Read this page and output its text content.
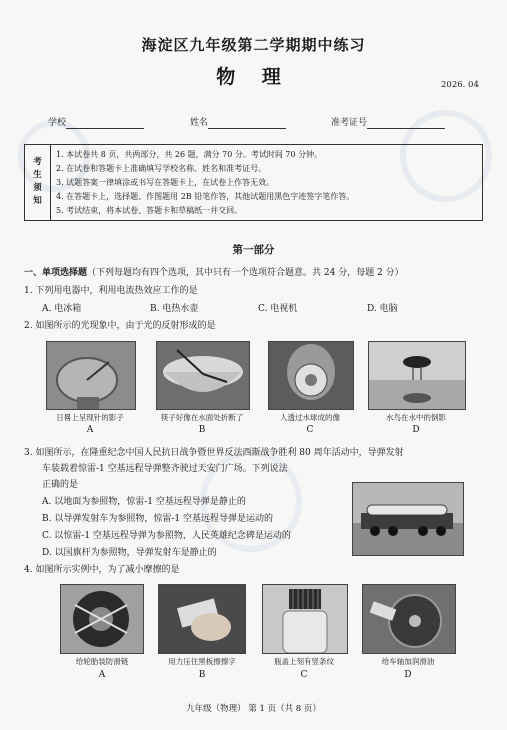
海淀区九年级第二学期期中练习
物 理	2026. 04
学校	姓名	准考证号
考
生
须
知
1. 本试卷共 8 页，共两部分，共 26 题，满分 70 分。考试时间 70 分钟。
2. 在试卷和答题卡上准确填写学校名称、姓名和准考证号。
3. 试题答案一律填涂或书写在答题卡上，在试卷上作答无效。
4. 在答题卡上，选择题、作图题用 2B 铅笔作答，其他试题用黑色字迹签字笔作答。
5. 考试结束，将本试卷、答题卡和草稿纸一并交回。
第一部分
一、单项选择题（下列每题均有四个选项，其中只有一个选项符合题意。共 24 分，每题 2 分）
1. 下列用电器中，利用电流热效应工作的是
A. 电冰箱	B. 电热水壶	C. 电视机	D. 电脑
2. 如图所示的光现象中，由于光的反射形成的是
日晷上呈现针的影子	筷子好像在水面处折断了	人透过水球成的像	水鸟在水中的倒影
A	B	C	D
3. 如图所示，在隆重纪念中国人民抗日战争暨世界反法西斯战争胜利 80 周年活动中，导弹发射
车装载着惊雷-1 空基远程导弹整齐驶过天安门广场。下列说法
正确的是
A. 以地面为参照物，惊雷-1 空基远程导弹是静止的
B. 以导弹发射车为参照物，惊雷-1 空基远程导弹是运动的
C. 以惊雷-1 空基远程导弹为参照物，人民英雄纪念碑是运动的
D. 以国旗杆为参照物，导弹发射车是静止的
4. 如图所示实例中，为了减小摩擦的是
给轮胎装防滑链	用力压住黑板擦擦字	瓶盖上刻有竖条纹	给车轴加润滑油
A	B	C	D
九年级（物理） 第 1 页（共 8 页）
